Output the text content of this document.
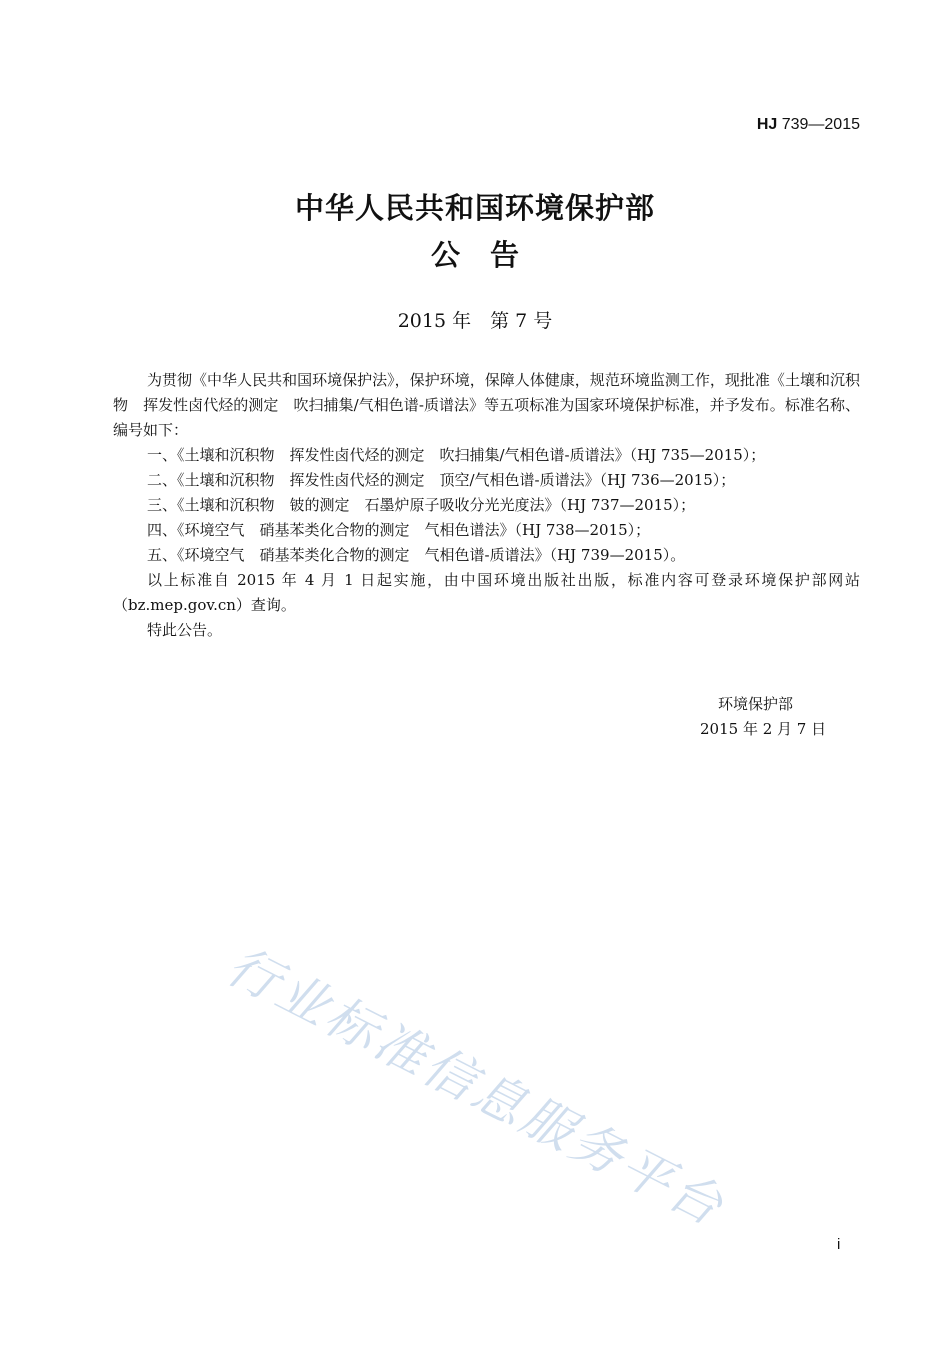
HJ 739—2015
中华人民共和国环境保护部
公告
2015 年　第 7 号

为贯彻《中华人民共和国环境保护法》，保护环境，保障人体健康，规范环境监测工作，现批准《土壤和沉积物　挥发性卤代烃的测定　吹扫捕集/气相色谱-质谱法》等五项标准为国家环境保护标准，并予发布。标准名称、编号如下：

一、《土壤和沉积物　挥发性卤代烃的测定　吹扫捕集/气相色谱-质谱法》（HJ 735—2015）；

二、《土壤和沉积物　挥发性卤代烃的测定　顶空/气相色谱-质谱法》（HJ 736—2015）；

三、《土壤和沉积物　铍的测定　石墨炉原子吸收分光光度法》（HJ 737—2015）；

四、《环境空气　硝基苯类化合物的测定　气相色谱法》（HJ 738—2015）；

五、《环境空气　硝基苯类化合物的测定　气相色谱-质谱法》（HJ 739—2015）。

以上标准自 2015 年 4 月 1 日起实施，由中国环境出版社出版，标准内容可登录环境保护部网站（bz.mep.gov.cn）查询。

特此公告。

环境保护部
2015 年 2 月 7 日
行业标准信息服务平台
i
